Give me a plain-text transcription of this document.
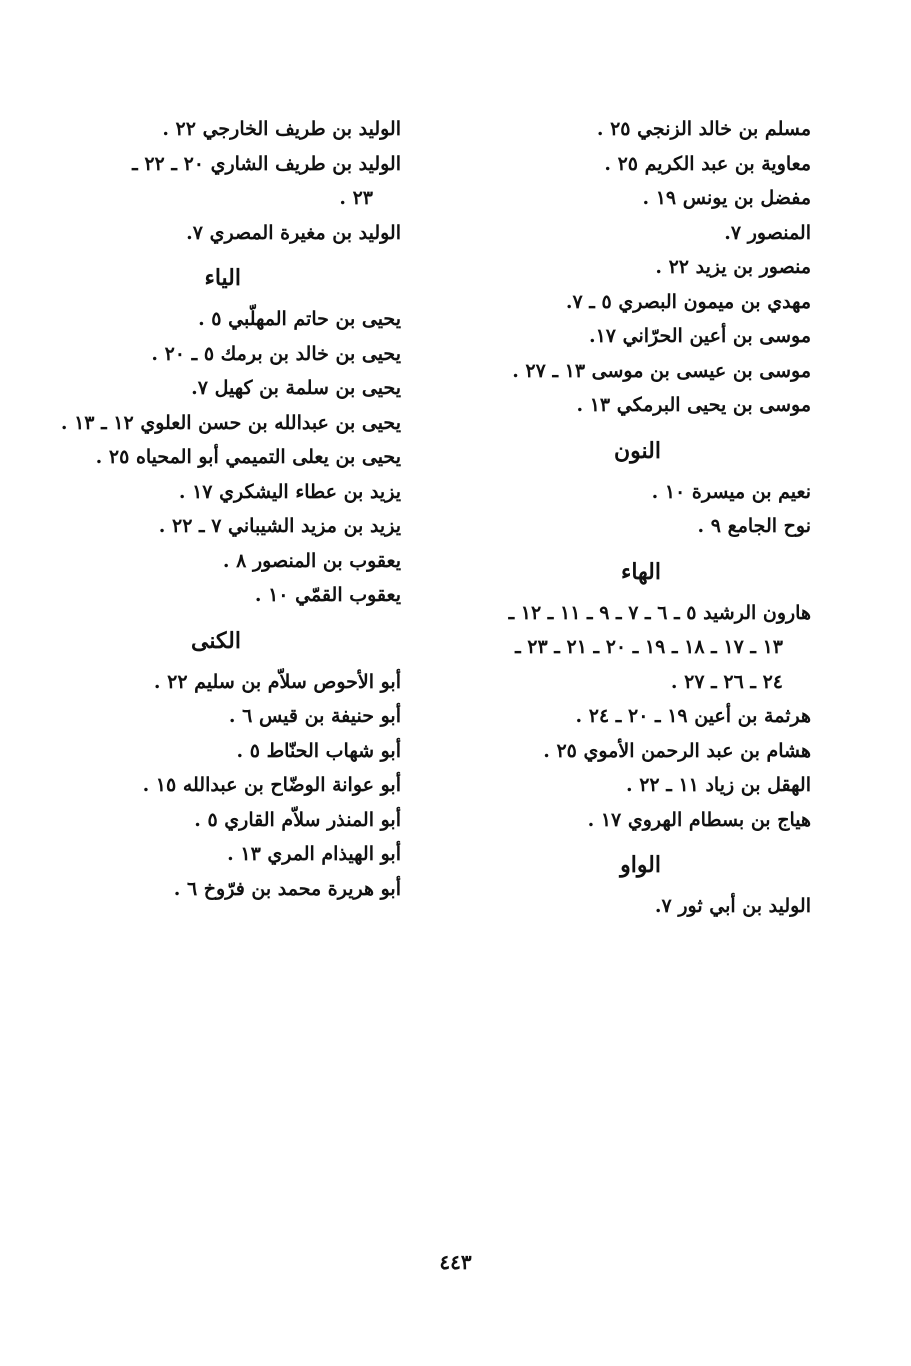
مسلم بن خالد الزنجي ٢٥ .
معاوية بن عبد الكريم ٢٥ .
مفضل بن يونس ١٩ .
المنصور ٧.
منصور بن يزيد ٢٢ .
مهدي بن ميمون البصري ٥ ـ ٧.
موسى بن أعين الحرّاني ١٧.
موسى بن عيسى بن موسى ١٣ ـ ٢٧ .
موسى بن يحيى البرمكي ١٣ .
النون
نعيم بن ميسرة ١٠ .
نوح الجامع ٩ .
الهاء
هارون الرشيد ٥ ـ ٦ ـ ٧ ـ ٩ ـ ١١ ـ ١٢ ـ
١٣ ـ ١٧ ـ ١٨ ـ ١٩ ـ ٢٠ ـ ٢١ ـ ٢٣ ـ
٢٤ ـ ٢٦ ـ ٢٧ .
هرثمة بن أعين ١٩ ـ ٢٠ ـ ٢٤ .
هشام بن عبد الرحمن الأموي ٢٥ .
الهقل بن زياد ١١ ـ ٢٢ .
هياج بن بسطام الهروي ١٧ .
الواو
الوليد بن أبي ثور ٧.
الوليد بن طريف الخارجي ٢٢ .
الوليد بن طريف الشاري ٢٠ ـ ٢٢ ـ
٢٣ .
الوليد بن مغيرة المصري ٧.
الياء
يحيى بن حاتم المهلّبي ٥ .
يحيى بن خالد بن برمك ٥ ـ ٢٠ .
يحيى بن سلمة بن كهيل ٧.
يحيى بن عبدالله بن حسن العلوي ١٢ ـ ١٣ .
يحيى بن يعلى التميمي أبو المحياه ٢٥ .
يزيد بن عطاء اليشكري ١٧ .
يزيد بن مزيد الشيباني ٧ ـ ٢٢ .
يعقوب بن المنصور ٨ .
يعقوب القمّي ١٠ .
الكنى
أبو الأحوص سلاّم بن سليم ٢٢ .
أبو حنيفة بن قيس ٦ .
أبو شهاب الحنّاط ٥ .
أبو عوانة الوضّاح بن عبدالله ١٥ .
أبو المنذر سلاّم القاري ٥ .
أبو الهيذام المري ١٣ .
أبو هريرة محمد بن فرّوخ ٦ .
٤٤٣
